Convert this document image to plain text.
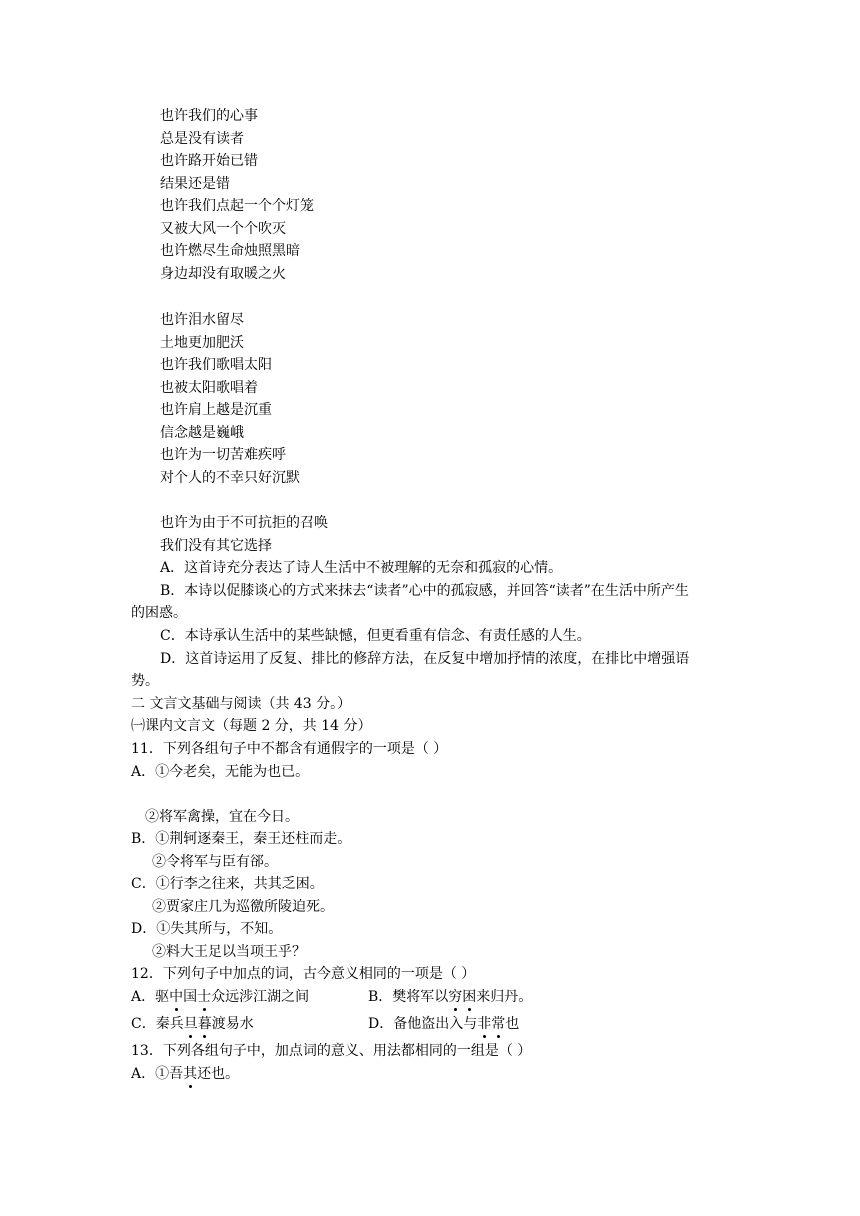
也许我们的心事
总是没有读者
也许路开始已错
结果还是错
也许我们点起一个个灯笼
又被大风一个个吹灭
也许燃尽生命烛照黑暗
身边却没有取暖之火
也许泪水留尽
土地更加肥沃
也许我们歌唱太阳
也被太阳歌唱着
也许肩上越是沉重
信念越是巍峨
也许为一切苦难疾呼
对个人的不幸只好沉默
也许为由于不可抗拒的召唤
我们没有其它选择
A．这首诗充分表达了诗人生活中不被理解的无奈和孤寂的心情。
B．本诗以促膝谈心的方式来抹去“读者”心中的孤寂感，并回答“读者”在生活中所产生
的困惑。
C．本诗承认生活中的某些缺憾，但更看重有信念、有责任感的人生。
D．这首诗运用了反复、排比的修辞方法，在反复中增加抒情的浓度，在排比中增强语
势。
二 文言文基础与阅读（共 43 分。）
㈠课内文言文（每题 2 分，共 14 分）
11．下列各组句子中不都含有通假字的一项是（ ）
A．①今老矣，无能为也已。
②将军禽操，宜在今日。
B．①荆轲逐秦王，秦王还柱而走。
②令将军与臣有郤。
C．①行李之往来，共其乏困。
②贾家庄几为巡徼所陵迫死。
D．①失其所与，不知。
②料大王足以当项王乎？
12．下列句子中加点的词，古今意义相同的一项是（ ）
A．驱中国士众远涉江湖之间	B．樊将军以穷困来归丹。
C．秦兵旦暮渡易水	D．备他盗出入与非常也
13．下列各组句子中，加点词的意义、用法都相同的一组是（ ）
A．①吾其还也。
